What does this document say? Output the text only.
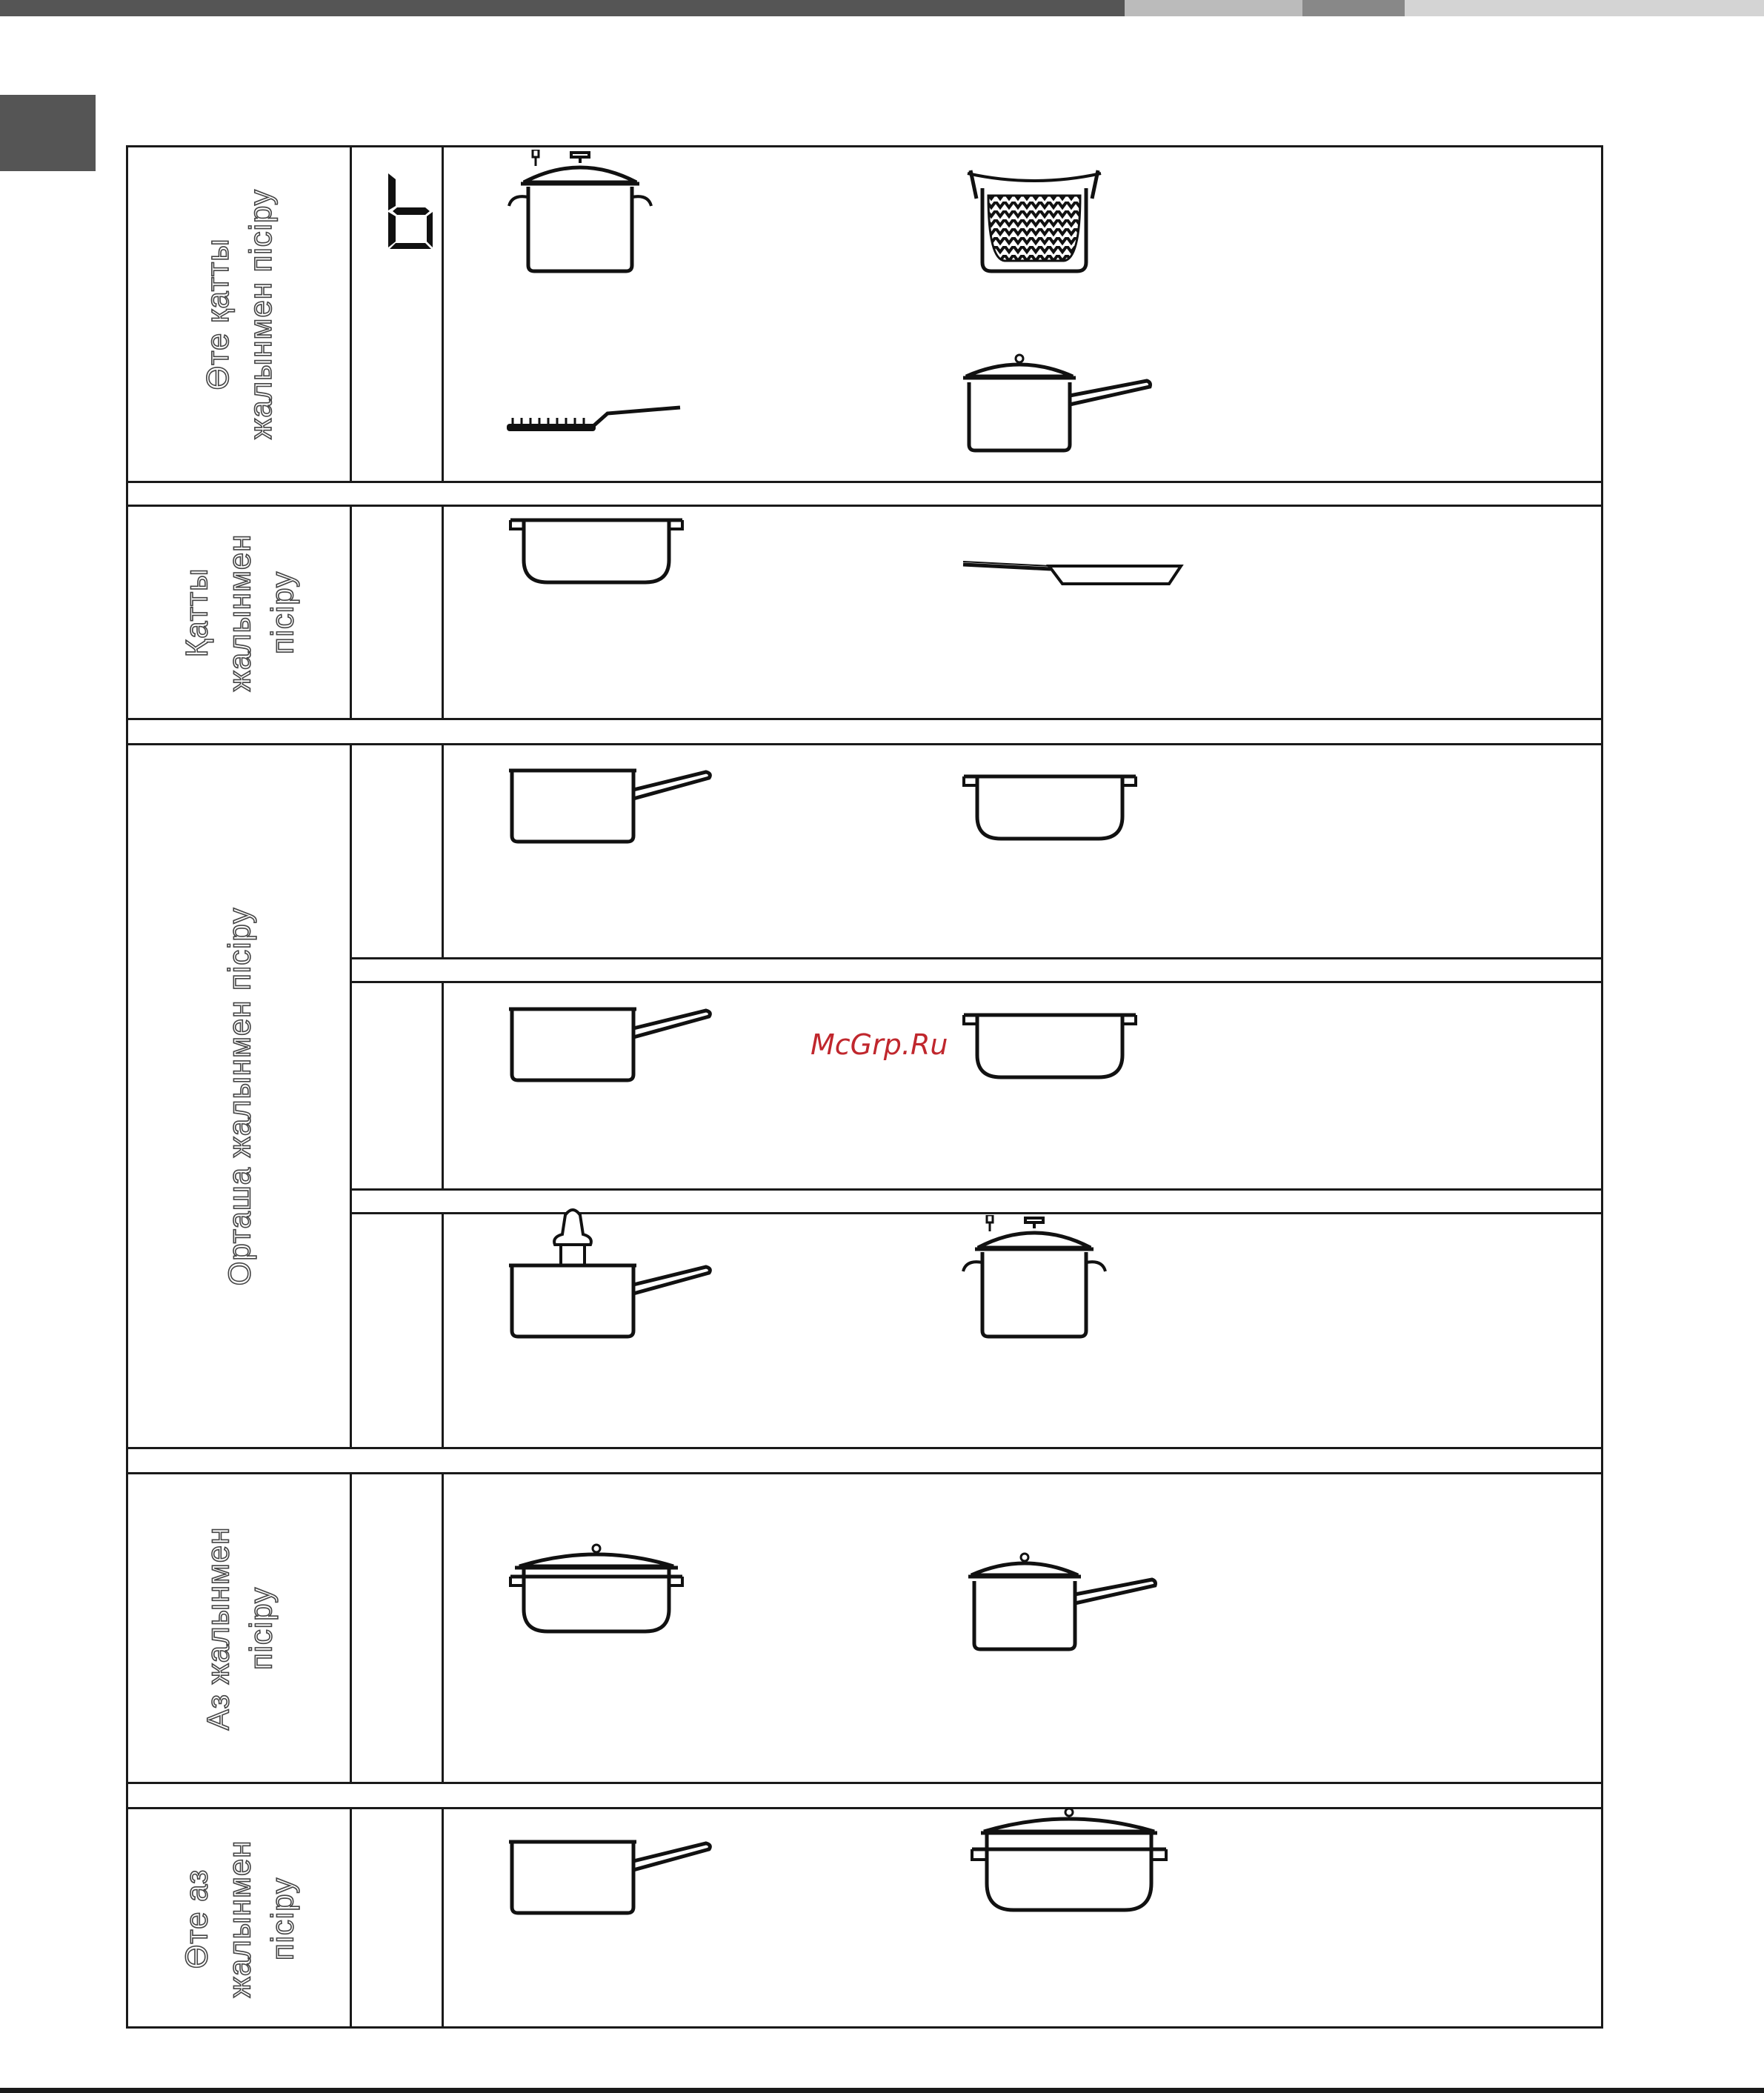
Өте қатты жалынмен пісіру
Қатты жалынмен пісіру
Орташа жалынмен пісіру
Аз жалынмен пісіру
Өте аз жалынмен пісіру
McGrp.Ru
